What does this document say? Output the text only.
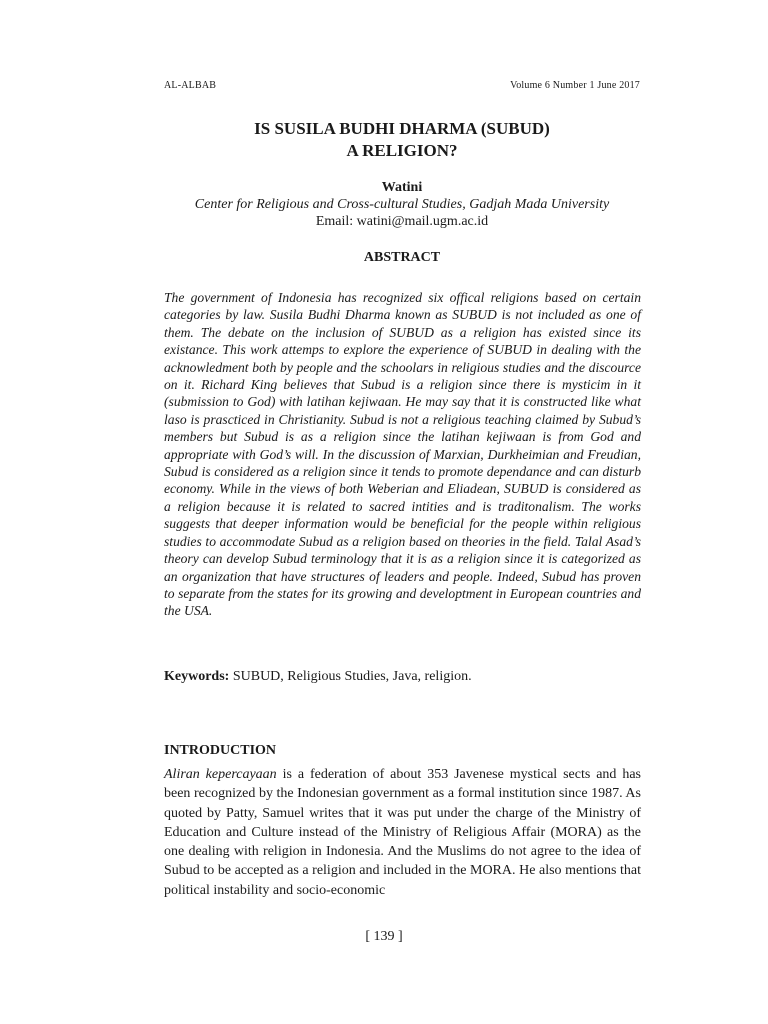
AL-ALBAB	Volume 6 Number 1 June 2017
IS SUSILA BUDHI DHARMA (SUBUD)
A RELIGION?
Watini
Center for Religious and Cross-cultural Studies, Gadjah Mada University
Email: watini@mail.ugm.ac.id
ABSTRACT

The government of Indonesia has recognized six offical religions based on certain categories by law. Susila Budhi Dharma known as SUBUD is not included as one of them. The debate on the inclusion of SUBUD as a religion has existed since its existance. This work attemps to explore the experience of SUBUD in dealing with the acknowledment both by people and the schoolars in religious studies and the discource on it. Richard King believes that Subud is a religion since there is mysticim in it (submission to God) with latihan kejiwaan. He may say that it is constructed like what laso is prascticed in Christianity. Subud is not a religious teaching claimed by Subud’s members but Subud is as a religion since the latihan kejiwaan is from God and appropriate with God’s will. In the discussion of Marxian, Durkheimian and Freudian, Subud is considered as a religion since it tends to promote dependance and can disturb economy. While in the views of both Weberian and Eliadean, SUBUD is considered as a religion because it is related to sacred intities and is traditonalism. The works suggests that deeper information would be beneficial for the people within religious studies to accommodate Subud as a religion based on theories in the field. Talal Asad’s theory can develop Subud terminology that it is as a religion since it is categorized as an organization that have structures of leaders and people. Indeed, Subud has proven to separate from the states for its growing and developtment in European countries and the USA.

Keywords: SUBUD, Religious Studies, Java, religion.
INTRODUCTION

Aliran kepercayaan is a federation of about 353 Javenese mystical sects and has been recognized by the Indonesian government as a formal institution since 1987. As quoted by Patty, Samuel writes that it was put under the charge of the Ministry of Education and Culture instead of the Ministry of Religious Affair (MORA) as the one dealing with religion in Indonesia. And the Muslims do not agree to the idea of Subud to be accepted as a religion and included in the MORA. He also mentions that political instability and socio-economic

[ 139 ]
